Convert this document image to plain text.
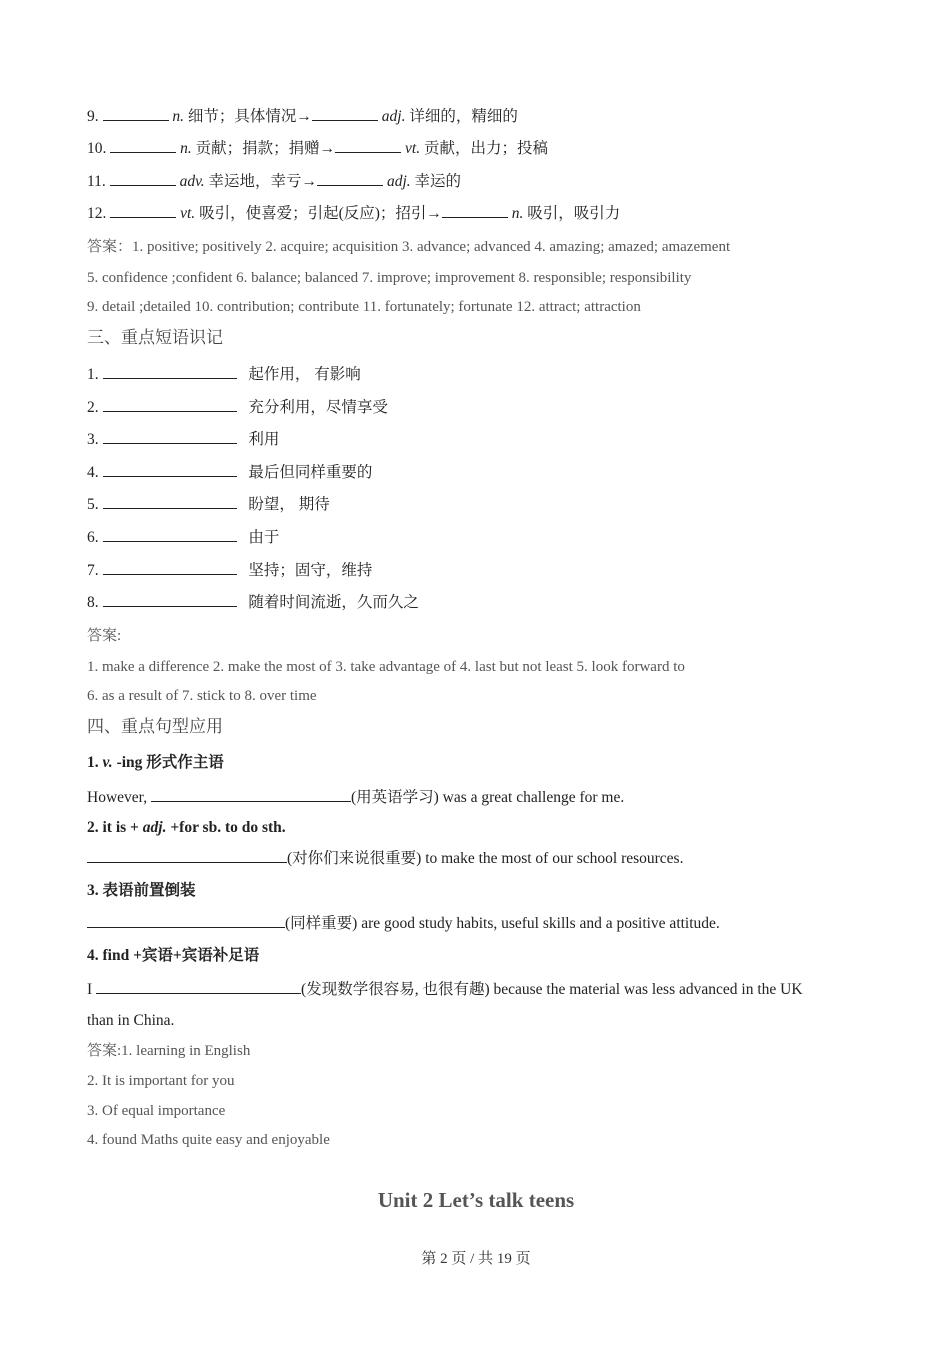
9.	n. 细节；具体情况→	adj. 详细的，精细的
10.	n. 贡献；捐款；捐赠→	vt. 贡献，出力；投稿
11.	adv. 幸运地，幸亏→	adj. 幸运的
12.	vt. 吸引，使喜爱；引起(反应)；招引→	n. 吸引，吸引力
答案：1. positive; positively 2. acquire; acquisition 3. advance; advanced 4. amazing; amazed; amazement
5. confidence ;confident 6. balance; balanced 7. improve; improvement 8. responsible; responsibility
9. detail ;detailed 10. contribution; contribute 11. fortunately; fortunate 12. attract; attraction
三、重点短语识记
1.	起作用， 有影响
2.	充分利用，尽情享受
3.	利用
4.	最后但同样重要的
5.	盼望， 期待
6.	由于
7.	坚持；固守，维持
8.	随着时间流逝，久而久之
答案:
1. make a difference 2. make the most of 3. take advantage of 4. last but not least 5. look forward to
6. as a result of 7. stick to 8. over time
四、重点句型应用
1. v. -ing 形式作主语
However,	(用英语学习) was a great challenge for me.
2. it is + adj. +for sb. to do sth.
(对你们来说很重要) to make the most of our school resources.
3. 表语前置倒装
(同样重要) are good study habits, useful skills and a positive attitude.
4. find +宾语+宾语补足语
I	(发现数学很容易, 也很有趣) because the material was less advanced in the UK
than in China.
答案:1. learning in English
2. It is important for you
3. Of equal importance
4. found Maths quite easy and enjoyable
Unit 2 Let’s talk teens
第 2 页 / 共 19 页
